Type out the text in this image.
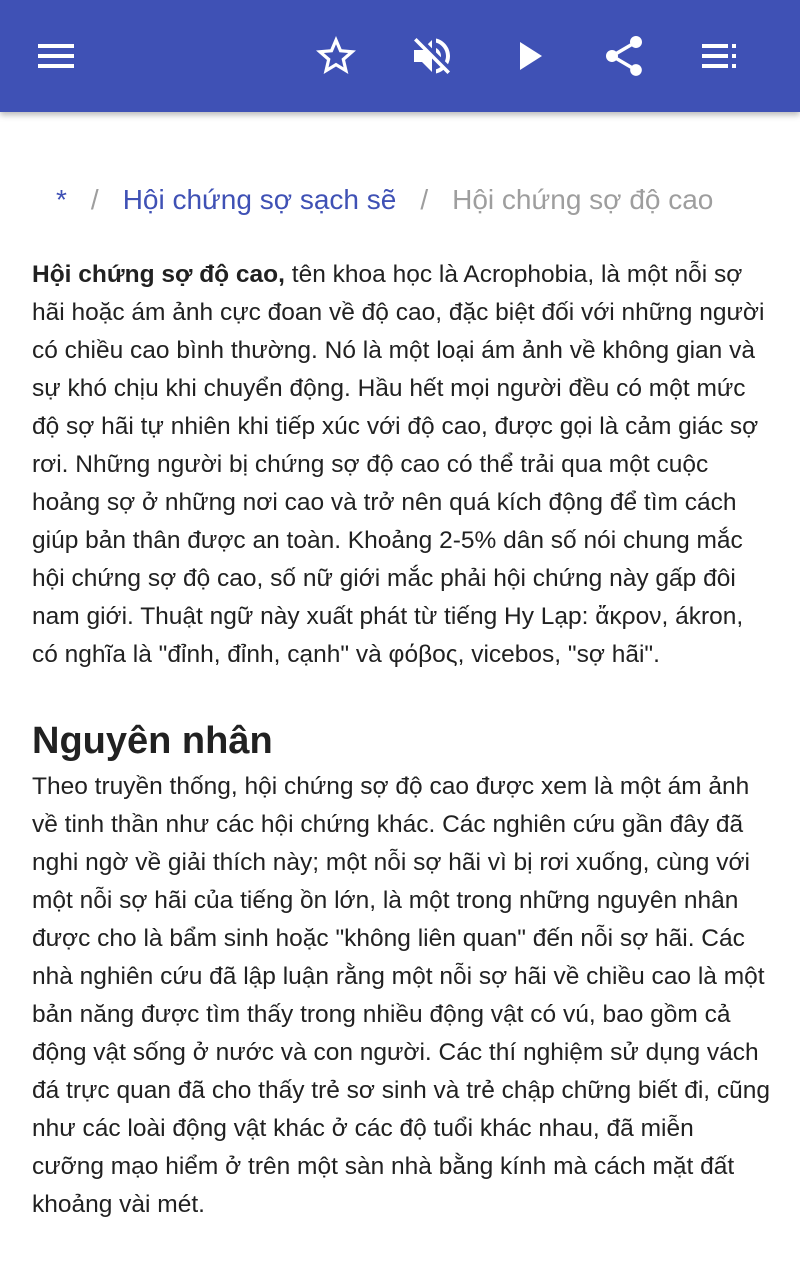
* / Hội chứng sợ sạch sẽ / Hội chứng sợ độ cao

Hội chứng sợ độ cao, tên khoa học là Acrophobia, là một nỗi sợ hãi hoặc ám ảnh cực đoan về độ cao, đặc biệt đối với những người có chiều cao bình thường. Nó là một loại ám ảnh về không gian và sự khó chịu khi chuyển động. Hầu hết mọi người đều có một mức độ sợ hãi tự nhiên khi tiếp xúc với độ cao, được gọi là cảm giác sợ rơi. Những người bị chứng sợ độ cao có thể trải qua một cuộc hoảng sợ ở những nơi cao và trở nên quá kích động để tìm cách giúp bản thân được an toàn. Khoảng 2-5% dân số nói chung mắc hội chứng sợ độ cao, số nữ giới mắc phải hội chứng này gấp đôi nam giới. Thuật ngữ này xuất phát từ tiếng Hy Lạp: ἄκρον, ákron, có nghĩa là "đỉnh, đỉnh, cạnh" và φόβος, vicebos, "sợ hãi".

Nguyên nhân

Theo truyền thống, hội chứng sợ độ cao được xem là một ám ảnh về tinh thần như các hội chứng khác. Các nghiên cứu gần đây đã nghi ngờ về giải thích này; một nỗi sợ hãi vì bị rơi xuống, cùng với một nỗi sợ hãi của tiếng ồn lớn, là một trong những nguyên nhân được cho là bẩm sinh hoặc "không liên quan" đến nỗi sợ hãi. Các nhà nghiên cứu đã lập luận rằng một nỗi sợ hãi về chiều cao là một bản năng được tìm thấy trong nhiều động vật có vú, bao gồm cả động vật sống ở nước và con người. Các thí nghiệm sử dụng vách đá trực quan đã cho thấy trẻ sơ sinh và trẻ chập chững biết đi, cũng như các loài động vật khác ở các độ tuổi khác nhau, đã miễn cưỡng mạo hiểm ở trên một sàn nhà bằng kính mà cách mặt đất khoảng vài mét.
